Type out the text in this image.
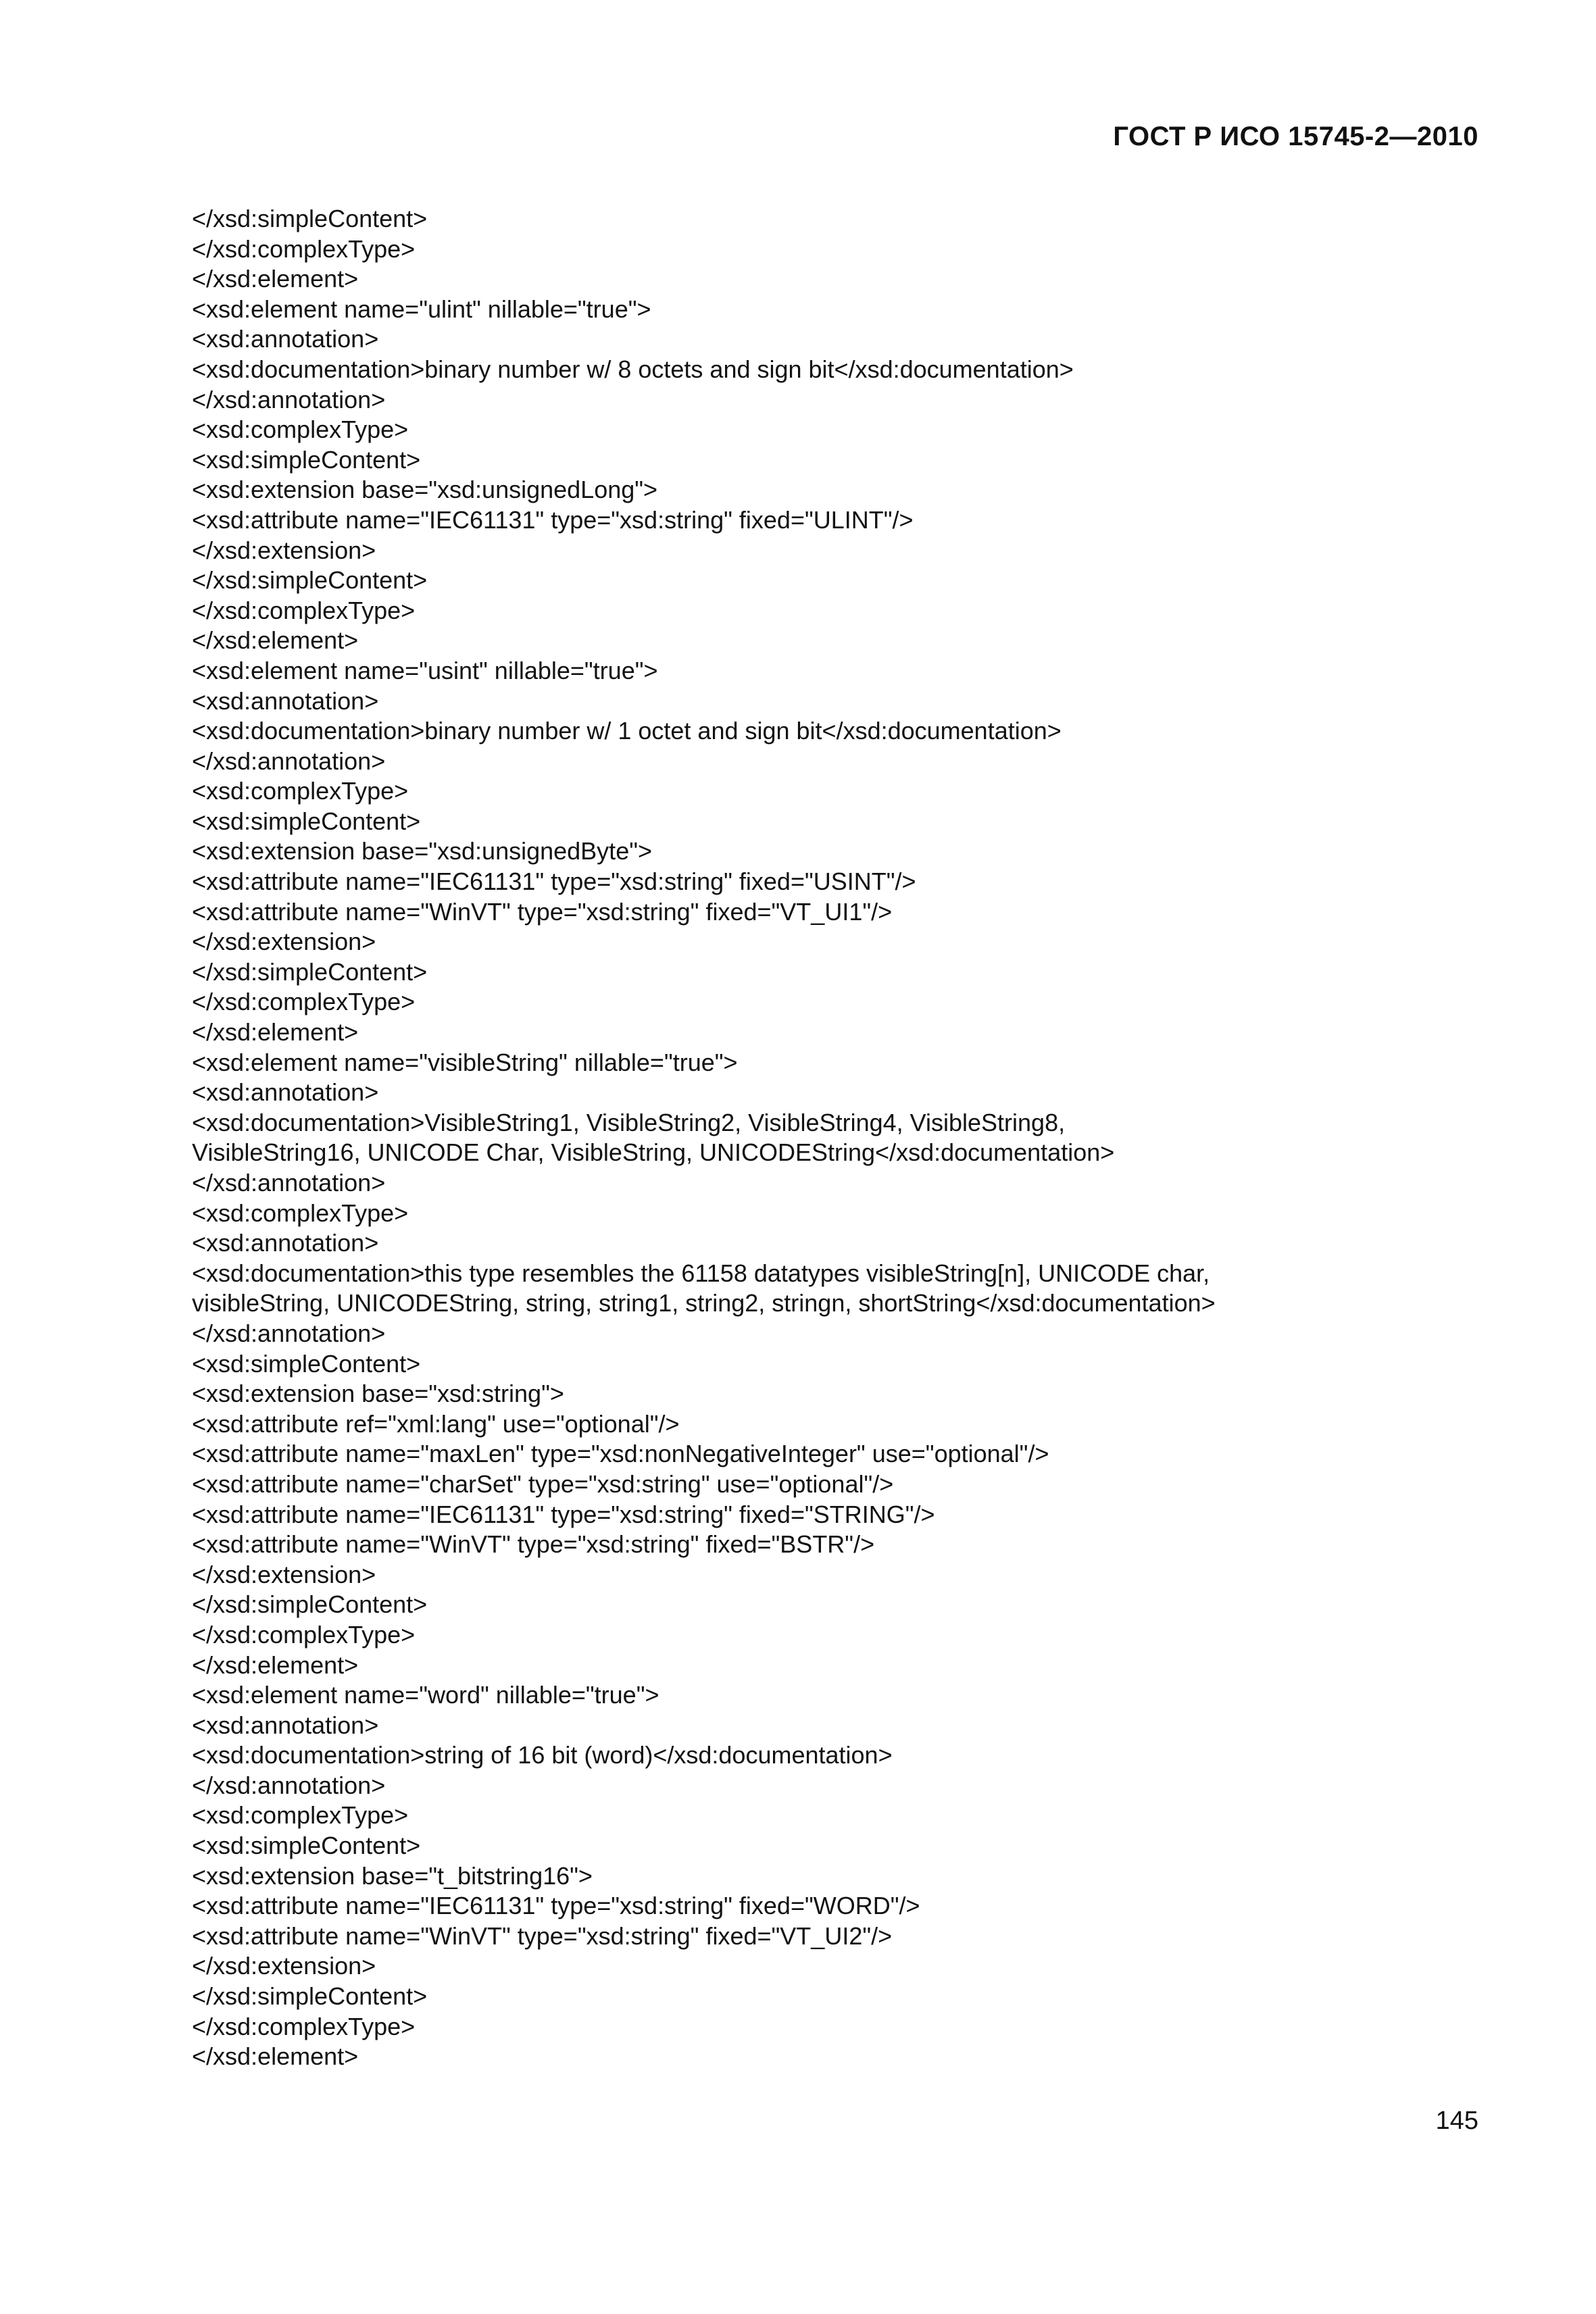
ГОСТ Р ИСО 15745-2—2010
</xsd:simpleContent>
</xsd:complexType>
</xsd:element>
<xsd:element name="ulint" nillable="true">
<xsd:annotation>
<xsd:documentation>binary number w/ 8 octets and sign bit</xsd:documentation>
</xsd:annotation>
<xsd:complexType>
<xsd:simpleContent>
<xsd:extension base="xsd:unsignedLong">
<xsd:attribute name="IEC61131" type="xsd:string" fixed="ULINT"/>
</xsd:extension>
</xsd:simpleContent>
</xsd:complexType>
</xsd:element>
<xsd:element name="usint" nillable="true">
<xsd:annotation>
<xsd:documentation>binary number w/ 1 octet and sign bit</xsd:documentation>
</xsd:annotation>
<xsd:complexType>
<xsd:simpleContent>
<xsd:extension base="xsd:unsignedByte">
<xsd:attribute name="IEC61131" type="xsd:string" fixed="USINT"/>
<xsd:attribute name="WinVT" type="xsd:string" fixed="VT_UI1"/>
</xsd:extension>
</xsd:simpleContent>
</xsd:complexType>
</xsd:element>
<xsd:element name="visibleString" nillable="true">
<xsd:annotation>
<xsd:documentation>VisibleString1, VisibleString2, VisibleString4, VisibleString8,
VisibleString16, UNICODE Char, VisibleString, UNICODEString</xsd:documentation>
</xsd:annotation>
<xsd:complexType>
<xsd:annotation>
<xsd:documentation>this type resembles the 61158 datatypes visibleString[n], UNICODE char,
visibleString, UNICODEString, string, string1, string2, stringn, shortString</xsd:documentation>
</xsd:annotation>
<xsd:simpleContent>
<xsd:extension base="xsd:string">
<xsd:attribute ref="xml:lang" use="optional"/>
<xsd:attribute name="maxLen" type="xsd:nonNegativeInteger" use="optional"/>
<xsd:attribute name="charSet" type="xsd:string" use="optional"/>
<xsd:attribute name="IEC61131" type="xsd:string" fixed="STRING"/>
<xsd:attribute name="WinVT" type="xsd:string" fixed="BSTR"/>
</xsd:extension>
</xsd:simpleContent>
</xsd:complexType>
</xsd:element>
<xsd:element name="word" nillable="true">
<xsd:annotation>
<xsd:documentation>string of 16 bit (word)</xsd:documentation>
</xsd:annotation>
<xsd:complexType>
<xsd:simpleContent>
<xsd:extension base="t_bitstring16">
<xsd:attribute name="IEC61131" type="xsd:string" fixed="WORD"/>
<xsd:attribute name="WinVT" type="xsd:string" fixed="VT_UI2"/>
</xsd:extension>
</xsd:simpleContent>
</xsd:complexType>
</xsd:element>
145
